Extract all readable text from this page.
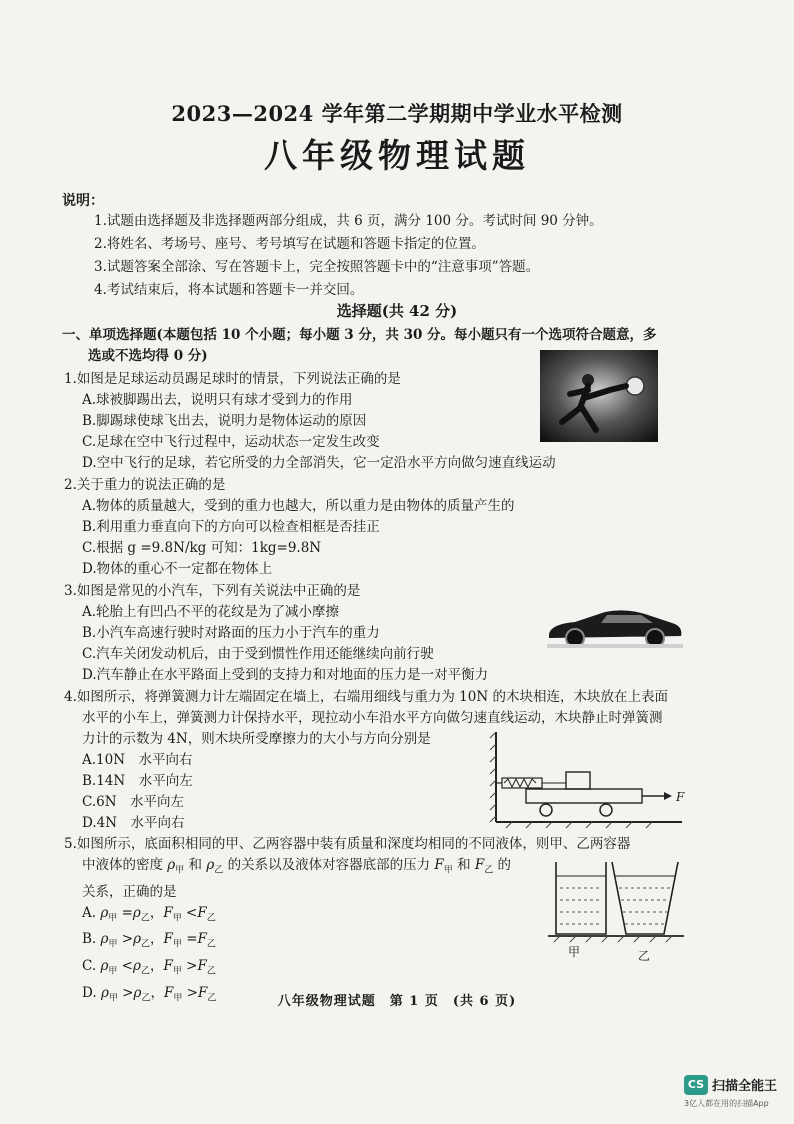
2023—2024 学年第二学期期中学业水平检测
八年级物理试题
说明：
1.试题由选择题及非选择题两部分组成，共 6 页，满分 100 分。考试时间 90 分钟。
2.将姓名、考场号、座号、考号填写在试题和答题卡指定的位置。
3.试题答案全部涂、写在答题卡上，完全按照答题卡中的“注意事项”答题。
4.考试结束后，将本试题和答题卡一并交回。
选择题(共 42 分)
一、单项选择题(本题包括 10 个小题；每小题 3 分，共 30 分。每小题只有一个选项符合题意，多
选或不选均得 0 分)
1.如图是足球运动员踢足球时的情景，下列说法正确的是
A.球被脚踢出去，说明只有球才受到力的作用
B.脚踢球使球飞出去，说明力是物体运动的原因
C.足球在空中飞行过程中，运动状态一定发生改变
D.空中飞行的足球，若它所受的力全部消失，它一定沿水平方向做匀速直线运动
2.关于重力的说法正确的是
A.物体的质量越大，受到的重力也越大，所以重力是由物体的质量产生的
B.利用重力垂直向下的方向可以检查相框是否挂正
C.根据 g =9.8N/kg 可知：1kg=9.8N
D.物体的重心不一定都在物体上
3.如图是常见的小汽车，下列有关说法中正确的是
A.轮胎上有凹凸不平的花纹是为了减小摩擦
B.小汽车高速行驶时对路面的压力小于汽车的重力
C.汽车关闭发动机后，由于受到惯性作用还能继续向前行驶
D.汽车静止在水平路面上受到的支持力和对地面的压力是一对平衡力
4.如图所示，将弹簧测力计左端固定在墙上，右端用细线与重力为 10N 的木块相连，木块放在上表面
水平的小车上，弹簧测力计保持水平，现拉动小车沿水平方向做匀速直线运动，木块静止时弹簧测
力计的示数为 4N，则木块所受摩擦力的大小与方向分别是
A.10N　水平向右
B.14N　水平向左
C.6N　水平向左
D.4N　水平向右
F
5.如图所示，底面积相同的甲、乙两容器中装有质量和深度均相同的不同液体，则甲、乙两容器
中液体的密度 $\rho_甲$ 和 $\rho_乙$ 的关系以及液体对容器底部的压力 $F_甲$ 和 $F_乙$ 的
关系，正确的是
A. $\rho_甲 =\rho_乙$，$F_甲 <F_乙$
B. $\rho_甲 >\rho_乙$，$F_甲 =F_乙$
C. $\rho_甲 <\rho_乙$，$F_甲 >F_乙$
D. $\rho_甲 >\rho_乙$，$F_甲 >F_乙$
甲	乙
八年级物理试题　第 1 页　(共 6 页)
CS 扫描全能王
3亿人都在用的扫描App
